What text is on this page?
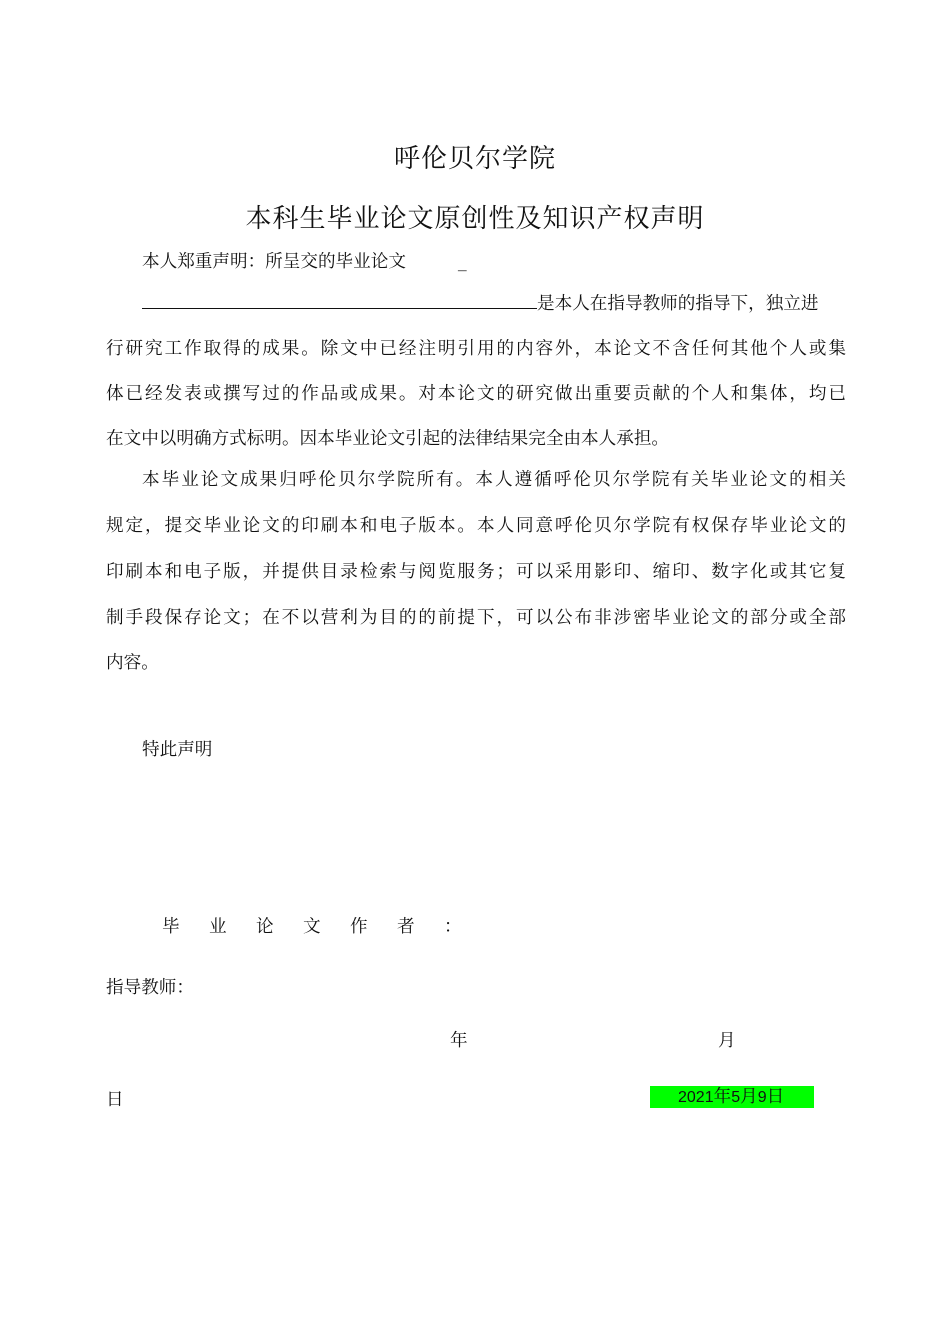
呼伦贝尔学院
本科生毕业论文原创性及知识产权声明
本人郑重声明：所呈交的毕业论文	_
是本人在指导教师的指导下，独立进
行研究工作取得的成果。除文中已经注明引用的内容外，本论文不含任何其他个人或集
体已经发表或撰写过的作品或成果。对本论文的研究做出重要贡献的个人和集体，均已
在文中以明确方式标明。因本毕业论文引起的法律结果完全由本人承担。
本毕业论文成果归呼伦贝尔学院所有。本人遵循呼伦贝尔学院有关毕业论文的相关
规定，提交毕业论文的印刷本和电子版本。本人同意呼伦贝尔学院有权保存毕业论文的
印刷本和电子版，并提供目录检索与阅览服务；可以采用影印、缩印、数字化或其它复
制手段保存论文；在不以营利为目的的前提下，可以公布非涉密毕业论文的部分或全部
内容。
特此声明
毕 业 论 文 作 者 ：
指导教师：
年	月
日	2021年5月9日
